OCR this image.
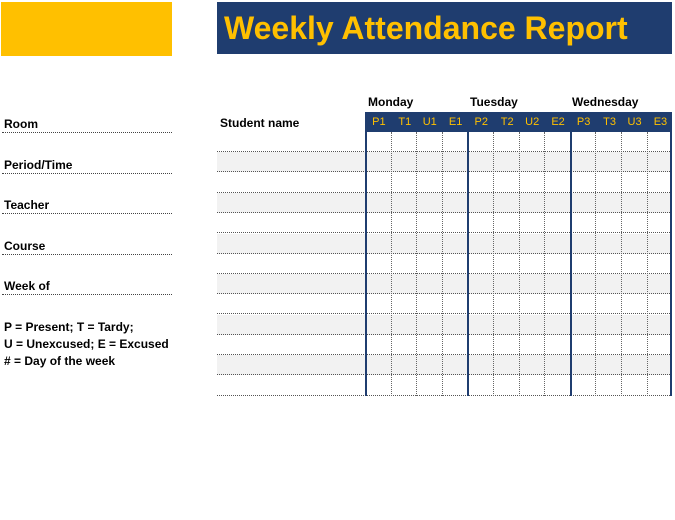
Weekly Attendance Report
Room
Period/Time
Teacher
Course
Week of
P = Present; T = Tardy;
U = Unexcused; E = Excused
# = Day of the week
Monday	Tuesday	Wednesday
Student name	P1	T1	U1	E1	P2	T2	U2	E2	P3	T3	U3	E3
